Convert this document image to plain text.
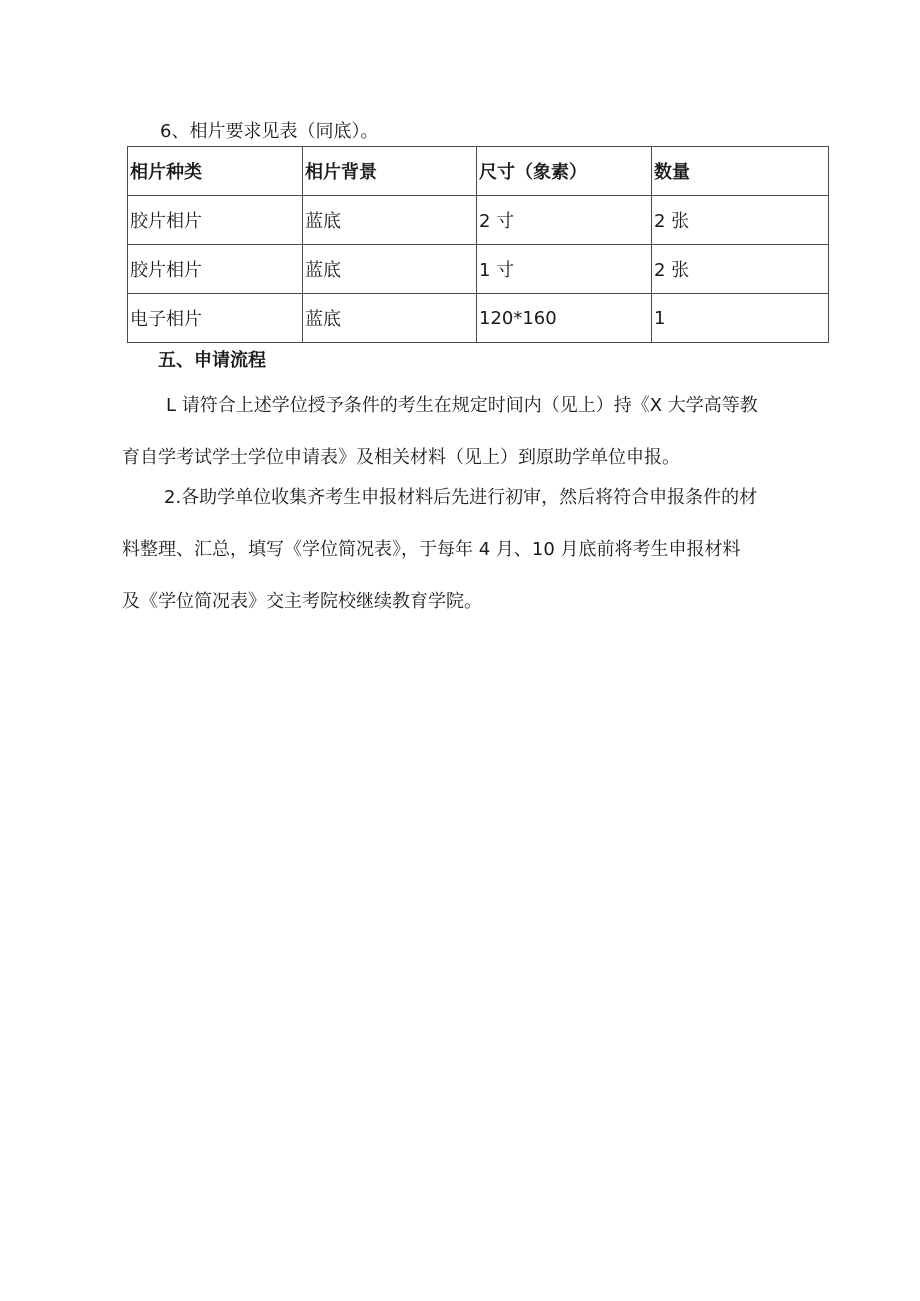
6、相片要求见表（同底）。
相片种类	相片背景	尺寸（象素）	数量
胶片相片	蓝底	2 寸	2 张
胶片相片	蓝底	1 寸	2 张
电子相片	蓝底	120*160	1
五、申请流程
L 请符合上述学位授予条件的考生在规定时间内（见上）持《X 大学高等教
育自学考试学士学位申请表》及相关材料（见上）到原助学单位申报。
2.各助学单位收集齐考生申报材料后先进行初审，然后将符合申报条件的材
料整理、汇总，填写《学位简况表》，于每年 4 月、10 月底前将考生申报材料
及《学位简况表》交主考院校继续教育学院。
